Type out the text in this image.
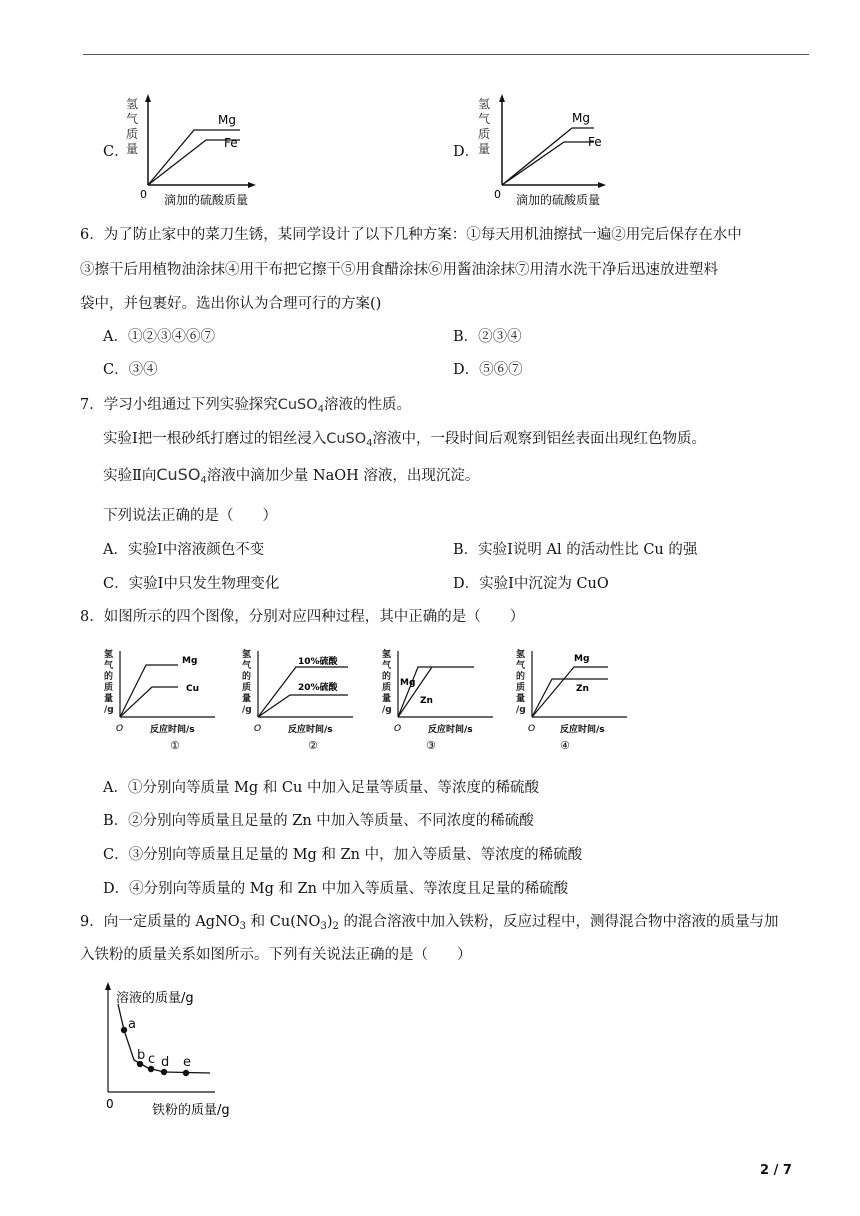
C．
氢
气
质
量
Mg
Fe
0 滴加的硫酸质量
D．
氢
气
质
量
Mg
Fe
0 滴加的硫酸质量
6．为了防止家中的菜刀生锈，某同学设计了以下几种方案：①每天用机油擦拭一遍②用完后保存在水中
③擦干后用植物油涂抹④用干布把它擦干⑤用食醋涂抹⑥用酱油涂抹⑦用清水洗干净后迅速放进塑料
袋中，并包裹好。选出你认为合理可行的方案()
A．①②③④⑥⑦	B．②③④
C．③④	D．⑤⑥⑦
7．学习小组通过下列实验探究CuSO$_4$溶液的性质。
实验Ⅰ把一根砂纸打磨过的铝丝浸入CuSO$_4$溶液中，一段时间后观察到铝丝表面出现红色物质。
实验Ⅱ向CuSO4溶液中滴加少量 NaOH 溶液，出现沉淀。
下列说法正确的是（　　）
A．实验Ⅰ中溶液颜色不变	B．实验Ⅰ说明 Al 的活动性比 Cu 的强
C．实验Ⅰ中只发生物理变化	D．实验Ⅰ中沉淀为 CuO
8．如图所示的四个图像，分别对应四种过程，其中正确的是（　　）
氢
气
的
质
量
/g
Mg
Cu
O	反应时间/s
①
氢
气
的
质
量
/g
10%硫酸
20%硫酸
O	反应时间/s
②
氢
气
的
质
量
/g
Mg
Zn
O	反应时间/s
③
氢
气
的
质
量
/g
Mg
Zn
O	反应时间/s
④
A．①分别向等质量 Mg 和 Cu 中加入足量等质量、等浓度的稀硫酸
B．②分别向等质量且足量的 Zn 中加入等质量、不同浓度的稀硫酸
C．③分别向等质量且足量的 Mg 和 Zn 中，加入等质量、等浓度的稀硫酸
D．④分别向等质量的 Mg 和 Zn 中加入等质量、等浓度且足量的稀硫酸
9．向一定质量的 AgNO$_3$ 和 $Cu(NO_3)_2$ 的混合溶液中加入铁粉，反应过程中，测得混合物中溶液的质量与加
入铁粉的质量关系如图所示。下列有关说法正确的是（　　）
a
b c d e
溶液的质量/g
0	铁粉的质量/g
2 / 7
